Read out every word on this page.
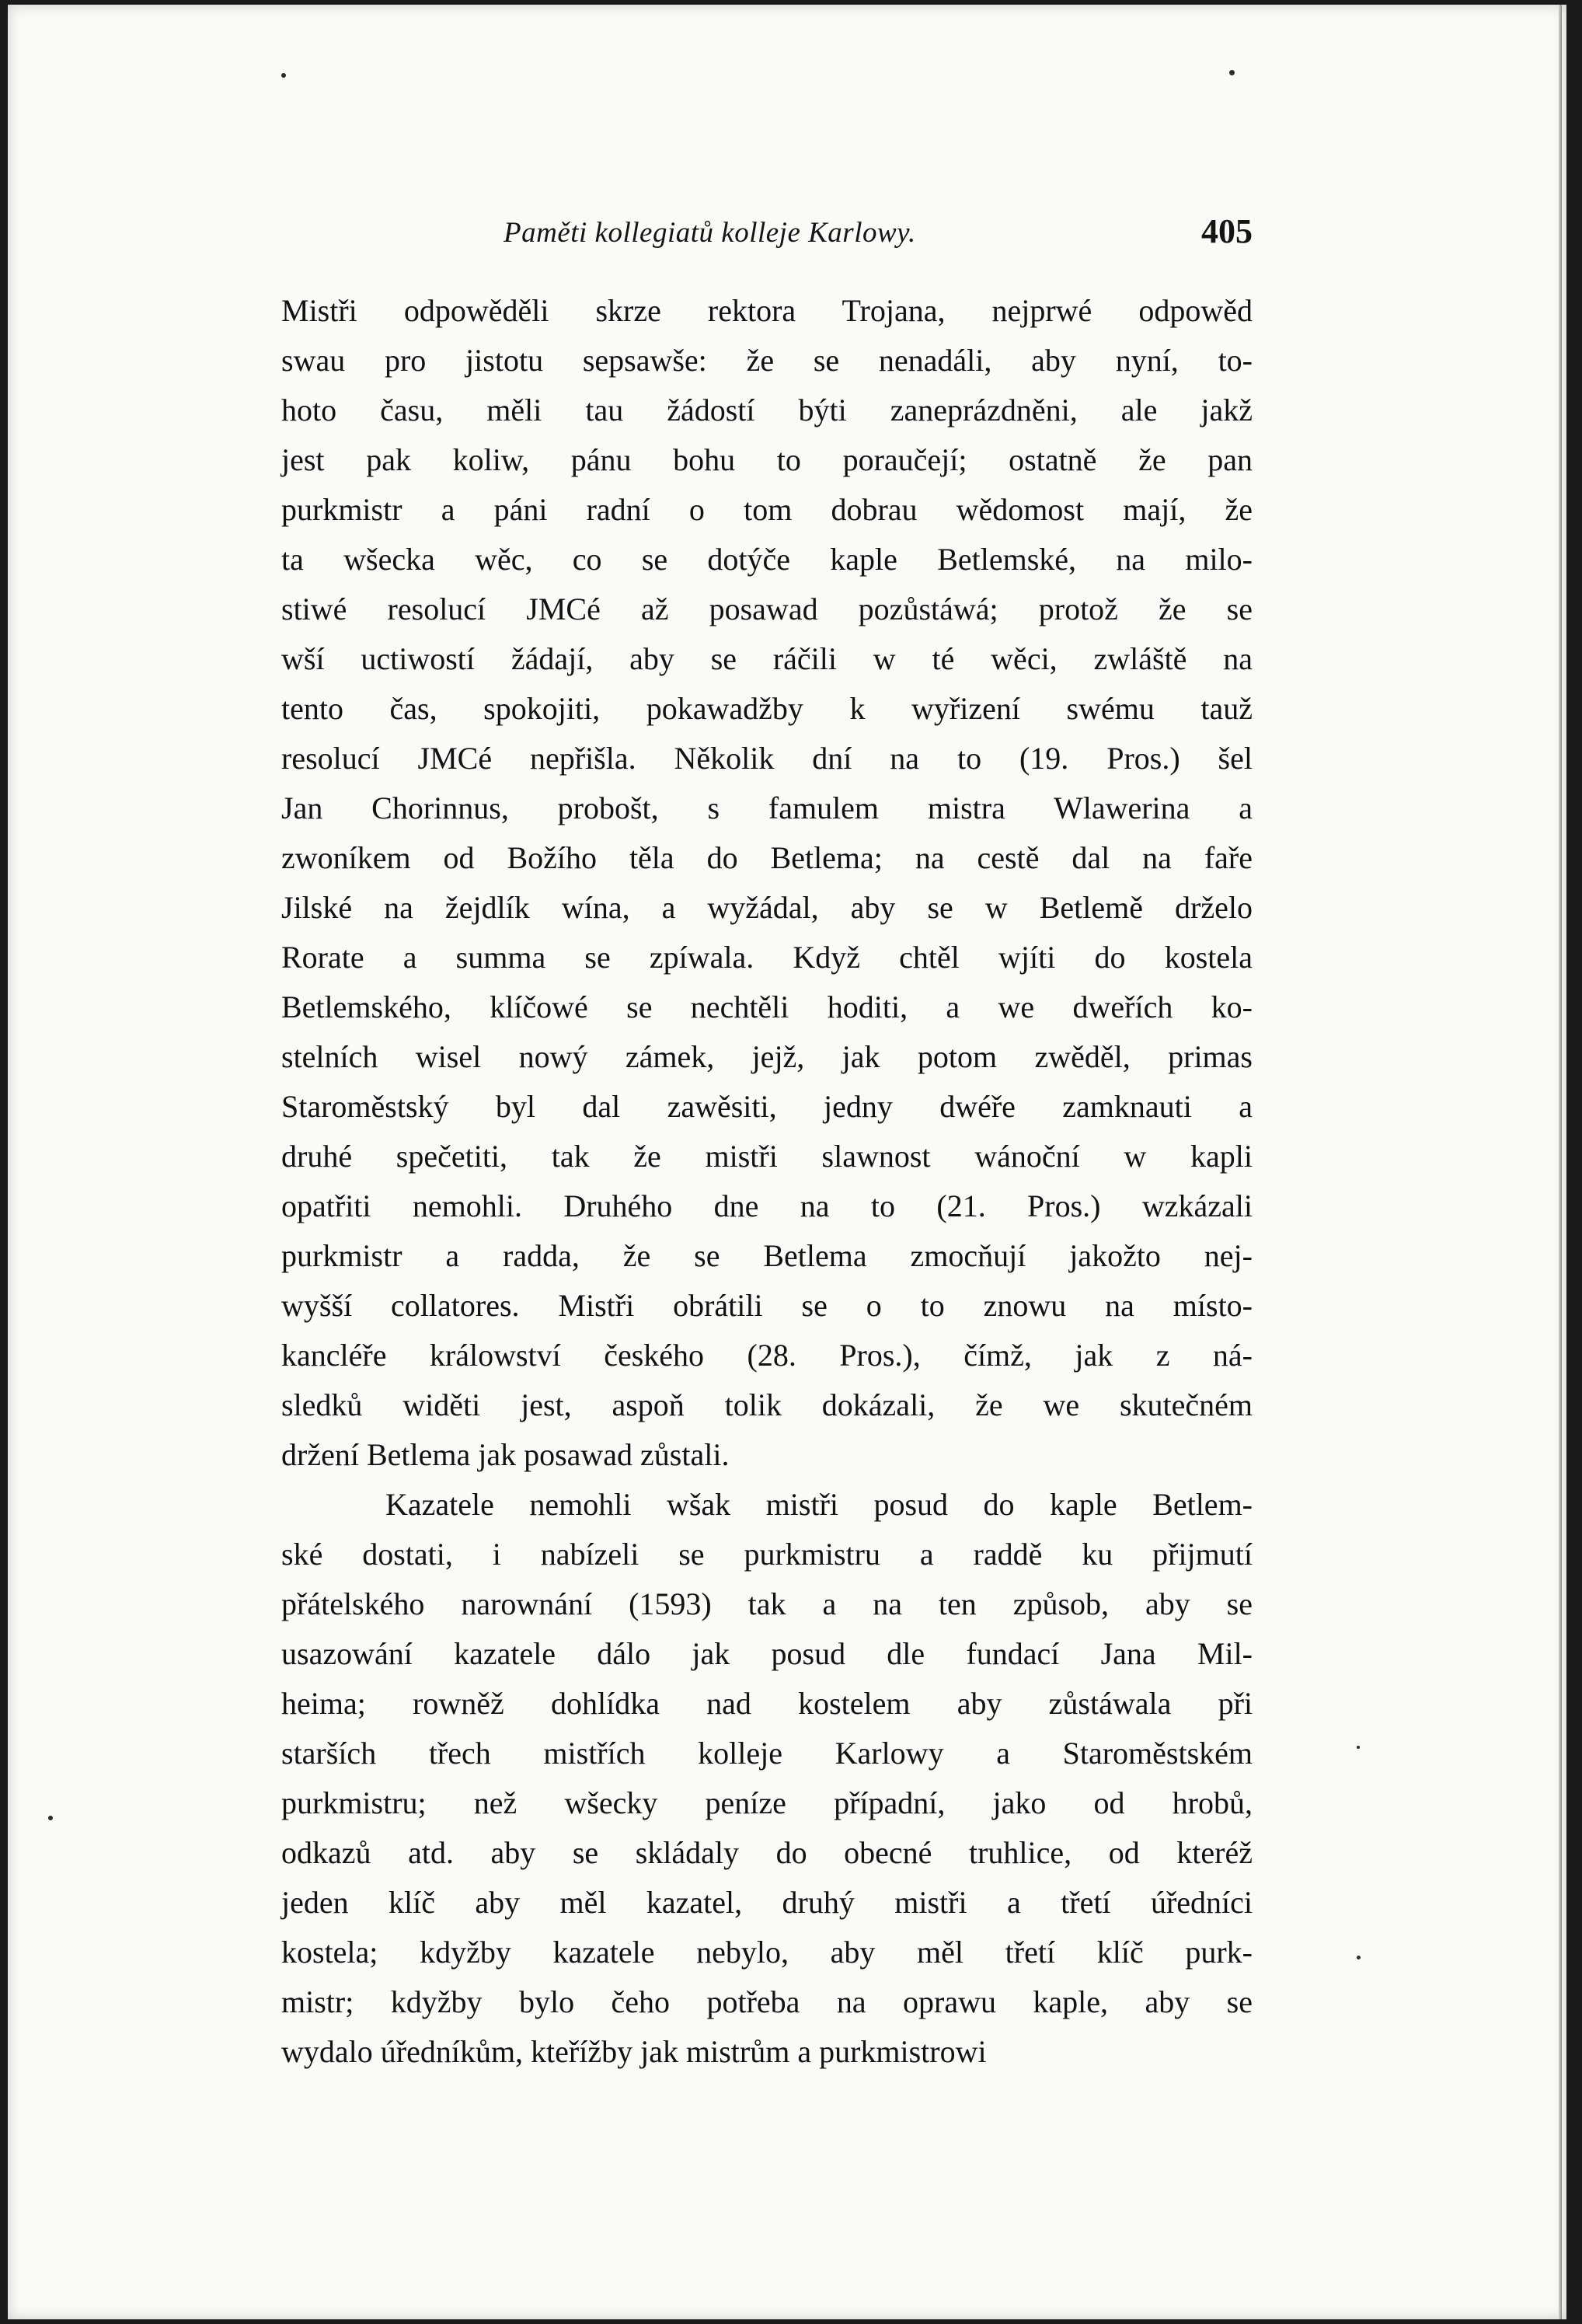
Paměti kollegiatů kolleje Karlowy.	405
Mistři odpowěděli skrze rektora Trojana, nejprwé odpowěd
swau pro jistotu sepsawše: že se nenadáli, aby nyní, to-
hoto času, měli tau žádostí býti zaneprázdněni, ale jakž
jest pak koliw, pánu bohu to poraučejí; ostatně že pan
purkmistr a páni radní o tom dobrau wědomost mají, že
ta wšecka wěc, co se dotýče kaple Betlemské, na milo-
stiwé resolucí JMCé až posawad pozůstáwá; protož že se
wší uctiwostí žádají, aby se ráčili w té wěci, zwláště na
tento čas, spokojiti, pokawadžby k wyřizení swému tauž
resolucí JMCé nepřišla. Několik dní na to (19. Pros.) šel
Jan Chorinnus, probošt, s famulem mistra Wlawerina a
zwoníkem od Božího těla do Betlema; na cestě dal na faře
Jilské na žejdlík wína, a wyžádal, aby se w Betlemě drželo
Rorate a summa se zpíwala. Když chtěl wjíti do kostela
Betlemského, klíčowé se nechtěli hoditi, a we dweřích ko-
stelních wisel nowý zámek, jejž, jak potom zwěděl, primas
Staroměstský byl dal zawěsiti, jedny dwéře zamknauti a
druhé spečetiti, tak že mistři slawnost wánoční w kapli
opatřiti nemohli. Druhého dne na to (21. Pros.) wzkázali
purkmistr a radda, že se Betlema zmocňují jakožto nej-
wyšší collatores. Mistři obrátili se o to znowu na místo-
kancléře králowství českého (28. Pros.), čímž, jak z ná-
sledků widěti jest, aspoň tolik dokázali, že we skutečném
držení Betlema jak posawad zůstali.
Kazatele nemohli wšak mistři posud do kaple Betlem-
ské dostati, i nabízeli se purkmistru a raddě ku přijmutí
přátelského narownání (1593) tak a na ten způsob, aby se
usazowání kazatele dálo jak posud dle fundací Jana Mil-
heima; rowněž dohlídka nad kostelem aby zůstáwala při
starších třech mistřích kolleje Karlowy a Staroměstském
purkmistru; než wšecky peníze případní, jako od hrobů,
odkazů atd. aby se skládaly do obecné truhlice, od kteréž
jeden klíč aby měl kazatel, druhý mistři a třetí úředníci
kostela; kdyžby kazatele nebylo, aby měl třetí klíč purk-
mistr; kdyžby bylo čeho potřeba na oprawu kaple, aby se
wydalo úředníkům, kteřížby jak mistrům a purkmistrowi
